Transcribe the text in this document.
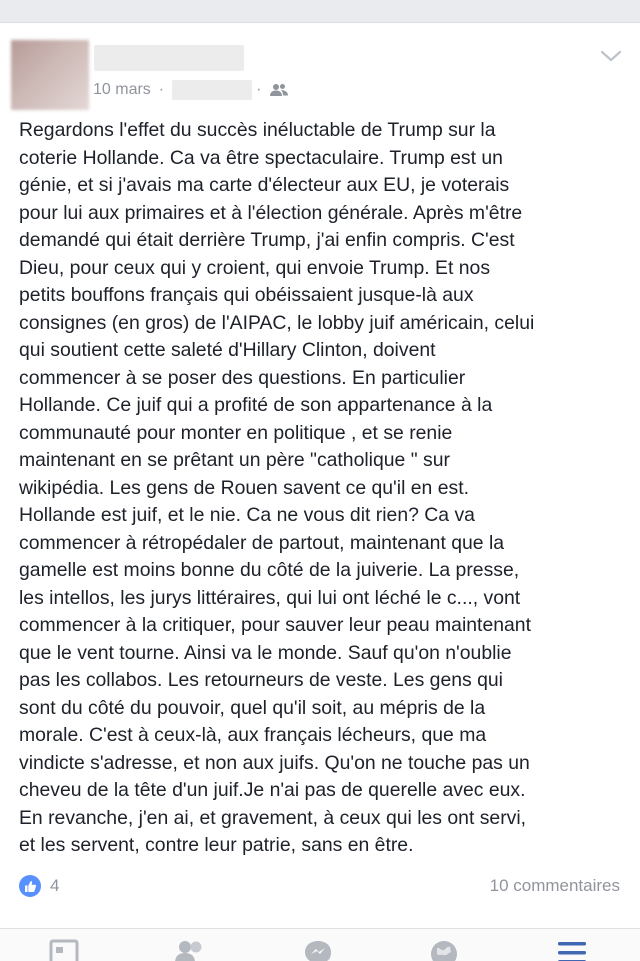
10 mars ·	·

Regardons l'effet du succès inéluctable de Trump sur la
coterie Hollande. Ca va être spectaculaire. Trump est un
génie, et si j'avais ma carte d'électeur aux EU, je voterais
pour lui aux primaires et à l'élection générale. Après m'être
demandé qui était derrière Trump, j'ai enfin compris. C'est
Dieu, pour ceux qui y croient, qui envoie Trump. Et nos
petits bouffons français qui obéissaient jusque-là aux
consignes (en gros) de l'AIPAC, le lobby juif américain, celui
qui soutient cette saleté d'Hillary Clinton, doivent
commencer à se poser des questions. En particulier
Hollande. Ce juif qui a profité de son appartenance à la
communauté pour monter en politique , et se renie
maintenant en se prêtant un père "catholique " sur
wikipédia. Les gens de Rouen savent ce qu'il en est.
Hollande est juif, et le nie. Ca ne vous dit rien? Ca va
commencer à rétropédaler de partout, maintenant que la
gamelle est moins bonne du côté de la juiverie. La presse,
les intellos, les jurys littéraires, qui lui ont léché le c..., vont
commencer à la critiquer, pour sauver leur peau maintenant
que le vent tourne. Ainsi va le monde. Sauf qu'on n'oublie
pas les collabos. Les retourneurs de veste. Les gens qui
sont du côté du pouvoir, quel qu'il soit, au mépris de la
morale. C'est à ceux-là, aux français lécheurs, que ma
vindicte s'adresse, et non aux juifs. Qu'on ne touche pas un
cheveu de la tête d'un juif.Je n'ai pas de querelle avec eux.
En revanche, j'en ai, et gravement, à ceux qui les ont servi,
et les servent, contre leur patrie, sans en être.

4	10 commentaires
